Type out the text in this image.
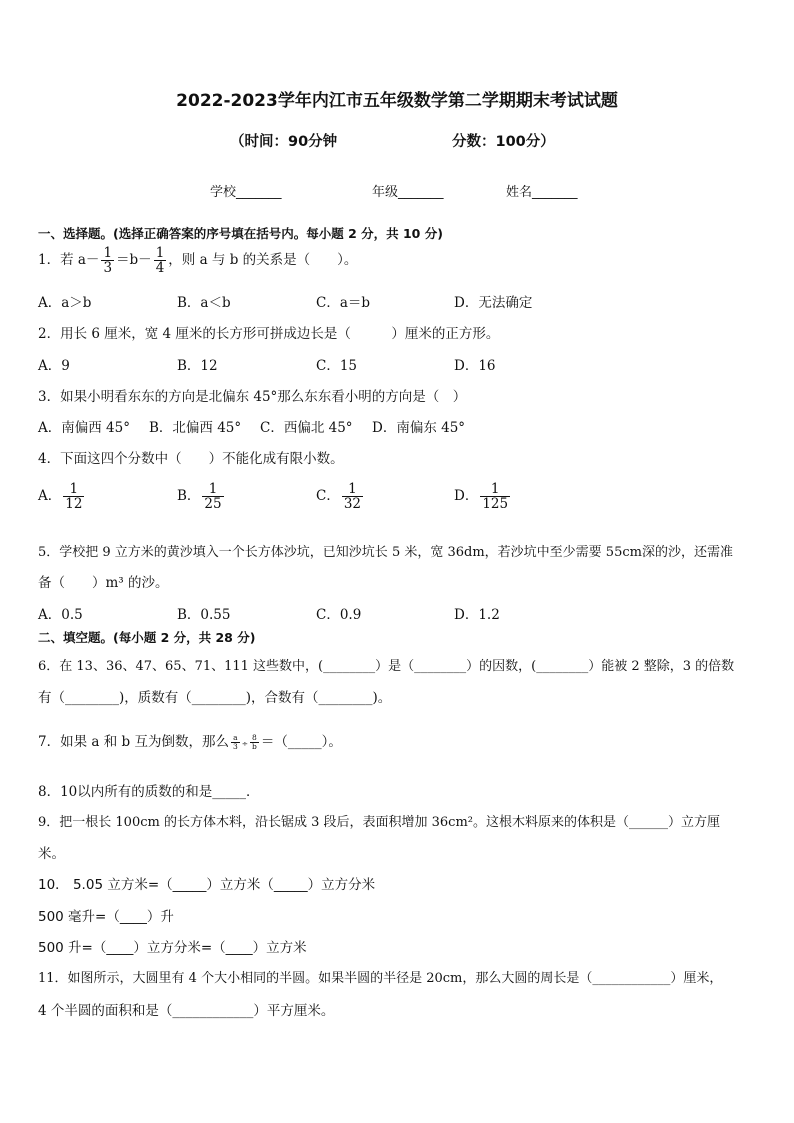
2022-2023学年内江市五年级数学第二学期期末考试试题
（时间：90分钟	分数：100分）
学校_______	年级_______	姓名_______
一、选择题。(选择正确答案的序号填在括号内。每小题 2 分，共 10 分)
1．若 $a- \frac{1}{3} =b- \frac{1}{4}$ ，则 a 与 b 的关系是（　　）。
A．a＞b	B．a＜b	C．a＝b	D．无法确定
2．用长 6 厘米，宽 4 厘米的长方形可拼成边长是（　　　）厘米的正方形。
A．9	B．12	C．15	D．16
3．如果小明看东东的方向是北偏东 45°那么东东看小明的方向是（　）
A．南偏西 45° B．北偏西 45° C．西偏北 45° D．南偏东 45°
4．下面这四个分数中（　　）不能化成有限小数。
A． $\frac{1}{12}$	B． $\frac{1}{25}$	C． $\frac{1}{32}$	D． $\frac{1}{125}$
5．学校把 9 立方米的黄沙填入一个长方体沙坑，已知沙坑长 5 米，宽 36dm，若沙坑中至少需要 55cm深的沙，还需准
备（　　）m³ 的沙。
A．0.5	B．0.55	C．0.9	D．1.2
二、填空题。(每小题 2 分，共 28 分)
6．在 13、36、47、65、71、111 这些数中，(________）是（________）的因数，(________）能被 2 整除，3 的倍数
有（________)，质数有（________)，合数有（________)。
7．如果 a 和 b 互为倒数，那么 $\frac{a}{3} \div \frac{8}{b}$ ＝（_____）。
8．10以内所有的质数的和是_____．
9．把一根长 100cm 的长方体木料，沿长锯成 3 段后，表面积增加 36cm²。这根木料原来的体积是（______）立方厘
米。
10． 5.05 立方米=（_____）立方米（_____）立方分米
500 毫升=（____）升
500 升=（____）立方分米=（____）立方米
11．如图所示，大圆里有 4 个大小相同的半圆。如果半圆的半径是 20cm，那么大圆的周长是（____________）厘米，
4 个半圆的面积和是（____________）平方厘米。
